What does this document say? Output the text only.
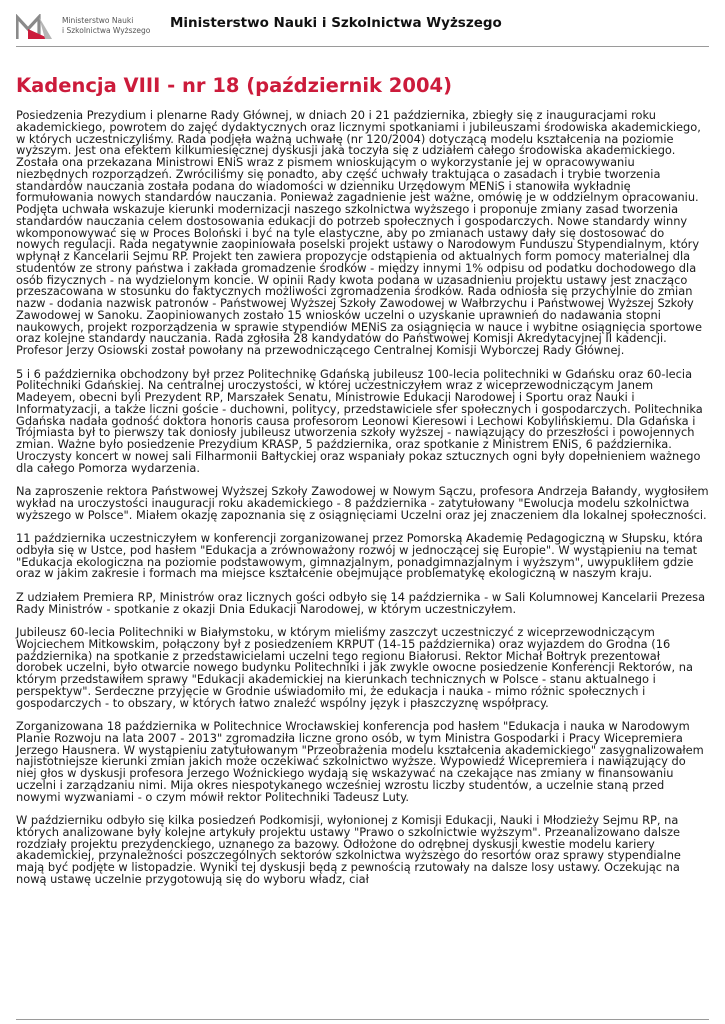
Ministerstwo Nauki
i Szkolnictwa Wyższego Ministerstwo Nauki i Szkolnictwa Wyższego
Kadencja VIII - nr 18 (październik 2004)

Posiedzenia Prezydium i plenarne Rady Głównej, w dniach 20 i 21 października, zbiegły się z inauguracjami roku akademickiego, powrotem do zajęć dydaktycznych oraz licznymi spotkaniami i jubileuszami środowiska akademickiego, w których uczestniczyliśmy. Rada podjęła ważną uchwałę (nr 120/2004) dotyczącą modelu kształcenia na poziomie wyższym. Jest ona efektem kilkumiesięcznej dyskusji jaka toczyła się z udziałem całego środowiska akademickiego. Została ona przekazana Ministrowi ENiS wraz z pismem wnioskującym o wykorzystanie jej w opracowywaniu niezbędnych rozporządzeń. Zwróciliśmy się ponadto, aby część uchwały traktująca o zasadach i trybie tworzenia standardów nauczania została podana do wiadomości w dzienniku Urzędowym MENiS i stanowiła wykładnię formułowania nowych standardów nauczania. Ponieważ zagadnienie jest ważne, omówię je w oddzielnym opracowaniu. Podjęta uchwała wskazuje kierunki modernizacji naszego szkolnictwa wyższego i proponuje zmiany zasad tworzenia standardów nauczania celem dostosowania edukacji do potrzeb społecznych i gospodarczych. Nowe standardy winny wkomponowywać się w Proces Boloński i być na tyle elastyczne, aby po zmianach ustawy dały się dostosować do nowych regulacji. Rada negatywnie zaopiniowała poselski projekt ustawy o Narodowym Funduszu Stypendialnym, który wpłynął z Kancelarii Sejmu RP. Projekt ten zawiera propozycje odstąpienia od aktualnych form pomocy materialnej dla studentów ze strony państwa i zakłada gromadzenie środków - między innymi 1% odpisu od podatku dochodowego dla osób fizycznych - na wydzielonym koncie. W opinii Rady kwota podana w uzasadnieniu projektu ustawy jest znacząco przeszacowana w stosunku do faktycznych możliwości zgromadzenia środków. Rada odniosła się przychylnie do zmian nazw - dodania nazwisk patronów - Państwowej Wyższej Szkoły Zawodowej w Wałbrzychu i Państwowej Wyższej Szkoły Zawodowej w Sanoku. Zaopiniowanych zostało 15 wniosków uczelni o uzyskanie uprawnień do nadawania stopni naukowych, projekt rozporządzenia w sprawie stypendiów MENiS za osiągnięcia w nauce i wybitne osiągnięcia sportowe oraz kolejne standardy nauczania. Rada zgłosiła 28 kandydatów do Państwowej Komisji Akredytacyjnej II kadencji. Profesor Jerzy Osiowski został powołany na przewodniczącego Centralnej Komisji Wyborczej Rady Głównej.

5 i 6 października obchodzony był przez Politechnikę Gdańską jubileusz 100-lecia politechniki w Gdańsku oraz 60-lecia Politechniki Gdańskiej. Na centralnej uroczystości, w której uczestniczyłem wraz z wiceprzewodniczącym Janem Madeyem, obecni byli Prezydent RP, Marszałek Senatu, Ministrowie Edukacji Narodowej i Sportu oraz Nauki i Informatyzacji, a także liczni goście - duchowni, politycy, przedstawiciele sfer społecznych i gospodarczych. Politechnika Gdańska nadała godność doktora honoris causa profesorom Leonowi Kieresowi i Lechowi Kobylińskiemu. Dla Gdańska i Trójmiasta był to pierwszy tak doniosły jubileusz utworzenia szkoły wyższej - nawiązujący do przeszłości i powojennych zmian. Ważne było posiedzenie Prezydium KRASP, 5 października, oraz spotkanie z Ministrem ENiS, 6 października. Uroczysty koncert w nowej sali Filharmonii Bałtyckiej oraz wspaniały pokaz sztucznych ogni były dopełnieniem ważnego dla całego Pomorza wydarzenia.

Na zaproszenie rektora Państwowej Wyższej Szkoły Zawodowej w Nowym Sączu, profesora Andrzeja Bałandy, wygłosiłem wykład na uroczystości inauguracji roku akademickiego - 8 października - zatytułowany "Ewolucja modelu szkolnictwa wyższego w Polsce". Miałem okazję zapoznania się z osiągnięciami Uczelni oraz jej znaczeniem dla lokalnej społeczności.

11 października uczestniczyłem w konferencji zorganizowanej przez Pomorską Akademię Pedagogiczną w Słupsku, która odbyła się w Ustce, pod hasłem "Edukacja a zrównoważony rozwój w jednoczącej się Europie". W wystąpieniu na temat "Edukacja ekologiczna na poziomie podstawowym, gimnazjalnym, ponadgimnazjalnym i wyższym", uwypukliłem gdzie oraz w jakim zakresie i formach ma miejsce kształcenie obejmujące problematykę ekologiczną w naszym kraju.

Z udziałem Premiera RP, Ministrów oraz licznych gości odbyło się 14 października - w Sali Kolumnowej Kancelarii Prezesa Rady Ministrów - spotkanie z okazji Dnia Edukacji Narodowej, w którym uczestniczyłem.

Jubileusz 60-lecia Politechniki w Białymstoku, w którym mieliśmy zaszczyt uczestniczyć z wiceprzewodniczącym Wojciechem Mitkowskim, połączony był z posiedzeniem KRPUT (14-15 października) oraz wyjazdem do Grodna (16 października) na spotkanie z przedstawicielami uczelni tego regionu Białorusi. Rektor Michał Bołtryk prezentował dorobek uczelni, było otwarcie nowego budynku Politechniki i jak zwykle owocne posiedzenie Konferencji Rektorów, na którym przedstawiłem sprawy "Edukacji akademickiej na kierunkach technicznych w Polsce - stanu aktualnego i perspektyw". Serdeczne przyjęcie w Grodnie uświadomiło mi, że edukacja i nauka - mimo różnic społecznych i gospodarczych - to obszary, w których łatwo znaleźć wspólny język i płaszczyznę współpracy.

Zorganizowana 18 października w Politechnice Wrocławskiej konferencja pod hasłem "Edukacja i nauka w Narodowym Planie Rozwoju na lata 2007 - 2013" zgromadziła liczne grono osób, w tym Ministra Gospodarki i Pracy Wicepremiera Jerzego Hausnera. W wystąpieniu zatytułowanym "Przeobrażenia modelu kształcenia akademickiego" zasygnalizowałem najistotniejsze kierunki zmian jakich może oczekiwać szkolnictwo wyższe. Wypowiedź Wicepremiera i nawiązujący do niej głos w dyskusji profesora Jerzego Woźnickiego wydają się wskazywać na czekające nas zmiany w finansowaniu uczelni i zarządzaniu nimi. Mija okres niespotykanego wcześniej wzrostu liczby studentów, a uczelnie staną przed nowymi wyzwaniami - o czym mówił rektor Politechniki Tadeusz Luty.

W październiku odbyło się kilka posiedzeń Podkomisji, wyłonionej z Komisji Edukacji, Nauki i Młodzieży Sejmu RP, na których analizowane były kolejne artykuły projektu ustawy "Prawo o szkolnictwie wyższym". Przeanalizowano dalsze rozdziały projektu prezydenckiego, uznanego za bazowy. Odłożone do odrębnej dyskusji kwestie modelu kariery akademickiej, przynależności poszczególnych sektorów szkolnictwa wyższego do resortów oraz sprawy stypendialne mają być podjęte w listopadzie. Wyniki tej dyskusji będą z pewnością rzutowały na dalsze losy ustawy. Oczekując na nową ustawę uczelnie przygotowują się do wyboru władz, ciał
